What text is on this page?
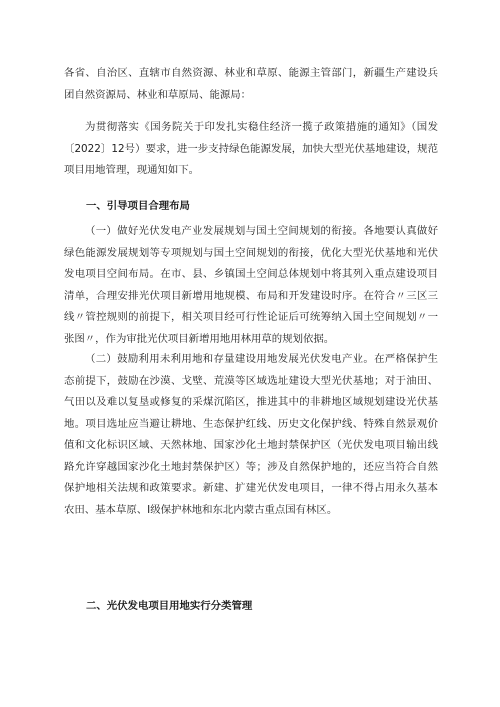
各省、自治区、直辖市自然资源、林业和草原、能源主管部门，新疆生产建设兵团自然资源局、林业和草原局、能源局：

为贯彻落实《国务院关于印发扎实稳住经济一揽子政策措施的通知》（国发〔2022〕12号）要求，进一步支持绿色能源发展，加快大型光伏基地建设，规范项目用地管理，现通知如下。

一、引导项目合理布局

（一）做好光伏发电产业发展规划与国土空间规划的衔接。各地要认真做好绿色能源发展规划等专项规划与国土空间规划的衔接，优化大型光伏基地和光伏发电项目空间布局。在市、县、乡镇国土空间总体规划中将其列入重点建设项目清单，合理安排光伏项目新增用地规模、布局和开发建设时序。在符合〃三区三线〃管控规则的前提下，相关项目经可行性论证后可统筹纳入国土空间规划〃一张图〃，作为审批光伏项目新增用地用林用草的规划依据。

（二）鼓励利用未利用地和存量建设用地发展光伏发电产业。在严格保护生态前提下，鼓励在沙漠、戈壁、荒漠等区域选址建设大型光伏基地；对于油田、气田以及难以复垦或修复的采煤沉陷区，推进其中的非耕地区域规划建设光伏基地。项目选址应当避让耕地、生态保护红线、历史文化保护线、特殊自然景观价值和文化标识区域、天然林地、国家沙化土地封禁保护区（光伏发电项目输出线路允许穿越国家沙化土地封禁保护区）等；涉及自然保护地的，还应当符合自然保护地相关法规和政策要求。新建、扩建光伏发电项目，一律不得占用永久基本农田、基本草原、Ⅰ级保护林地和东北内蒙古重点国有林区。

二、光伏发电项目用地实行分类管理
